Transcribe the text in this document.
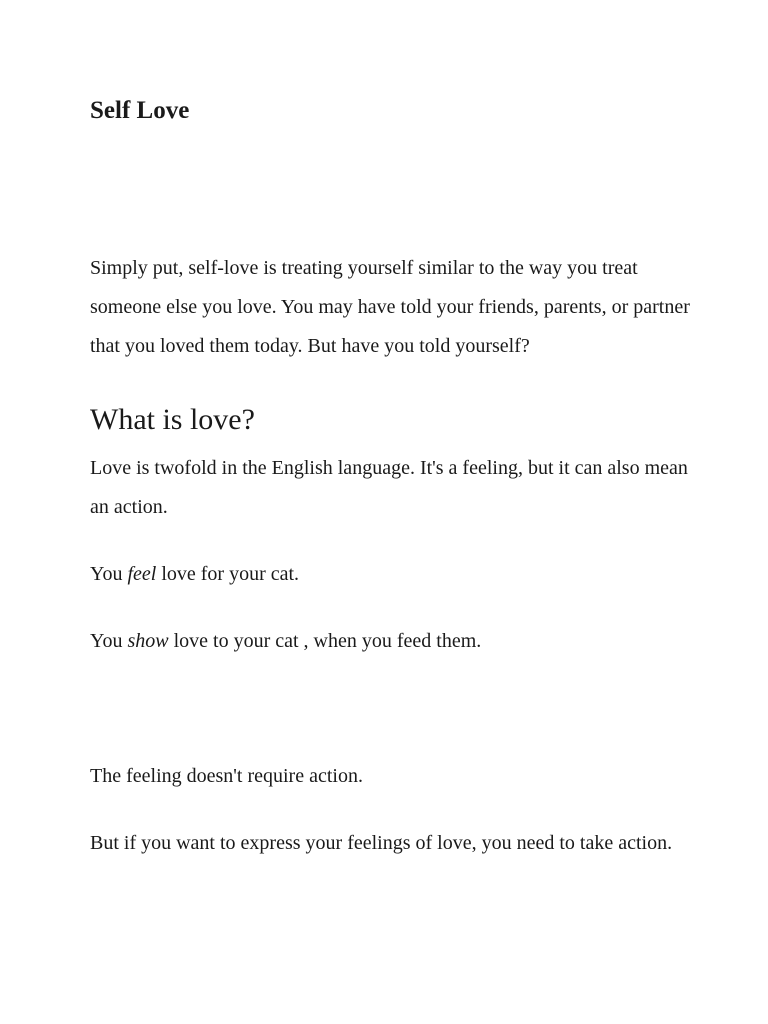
Self Love

Simply put, self-love is treating yourself similar to the way you treat someone else you love. You may have told your friends, parents, or partner that you loved them today. But have you told yourself?

What is love?

Love is twofold in the English language. It's a feeling, but it can also mean an action.

You feel love for your cat.

You show love to your cat , when you feed them.

The feeling doesn't require action.

But if you want to express your feelings of love, you need to take action.
